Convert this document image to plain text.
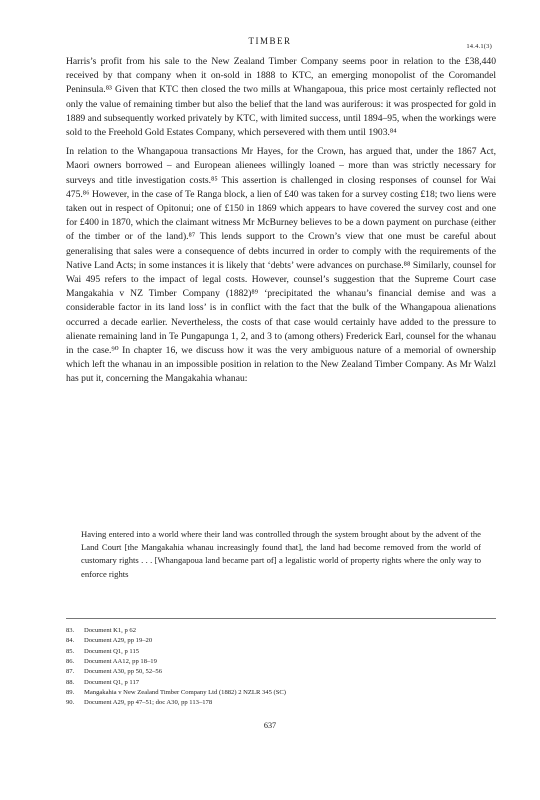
TIMBER
14.4.1(3)

Harris’s profit from his sale to the New Zealand Timber Company seems poor in relation to the £38,440 received by that company when it on-sold in 1888 to KTC, an emerging monopolist of the Coromandel Peninsula.⁸³ Given that KTC then closed the two mills at Whangapoua, this price most certainly reflected not only the value of remaining timber but also the belief that the land was auriferous: it was prospected for gold in 1889 and subsequently worked privately by KTC, with limited success, until 1894–95, when the workings were sold to the Freehold Gold Estates Company, which persevered with them until 1903.⁸⁴

In relation to the Whangapoua transactions Mr Hayes, for the Crown, has argued that, under the 1867 Act, Maori owners borrowed – and European alienees willingly loaned – more than was strictly necessary for surveys and title investigation costs.⁸⁵ This assertion is challenged in closing responses of counsel for Wai 475.⁸⁶ However, in the case of Te Ranga block, a lien of £40 was taken for a survey costing £18; two liens were taken out in respect of Opitonui; one of £150 in 1869 which appears to have covered the survey cost and one for £400 in 1870, which the claimant witness Mr McBurney believes to be a down payment on purchase (either of the timber or of the land).⁸⁷ This lends support to the Crown’s view that one must be careful about generalising that sales were a consequence of debts incurred in order to comply with the requirements of the Native Land Acts; in some instances it is likely that ‘debts’ were advances on purchase.⁸⁸ Similarly, counsel for Wai 495 refers to the impact of legal costs. However, counsel’s suggestion that the Supreme Court case Mangakahia v NZ Timber Company (1882)⁸⁹ ‘precipitated the whanau’s financial demise and was a considerable factor in its land loss’ is in conflict with the fact that the bulk of the Whangapoua alienations occurred a decade earlier. Nevertheless, the costs of that case would certainly have added to the pressure to alienate remaining land in Te Pungapunga 1, 2, and 3 to (among others) Frederick Earl, counsel for the whanau in the case.⁹⁰ In chapter 16, we discuss how it was the very ambiguous nature of a memorial of ownership which left the whanau in an impossible position in relation to the New Zealand Timber Company. As Mr Walzl has put it, concerning the Mangakahia whanau:

Having entered into a world where their land was controlled through the system brought about by the advent of the Land Court [the Mangakahia whanau increasingly found that], the land had become removed from the world of customary rights . . . [Whangapoua land became part of] a legalistic world of property rights where the only way to enforce rights

83. Document K1, p 62
84. Document A29, pp 19–20
85. Document Q1, p 115
86. Document AA12, pp 18–19
87. Document A30, pp 50, 52–56
88. Document Q1, p 117
89. Mangakahia v New Zealand Timber Company Ltd (1882) 2 NZLR 345 (SC)
90. Document A29, pp 47–51; doc A30, pp 113–178
637
